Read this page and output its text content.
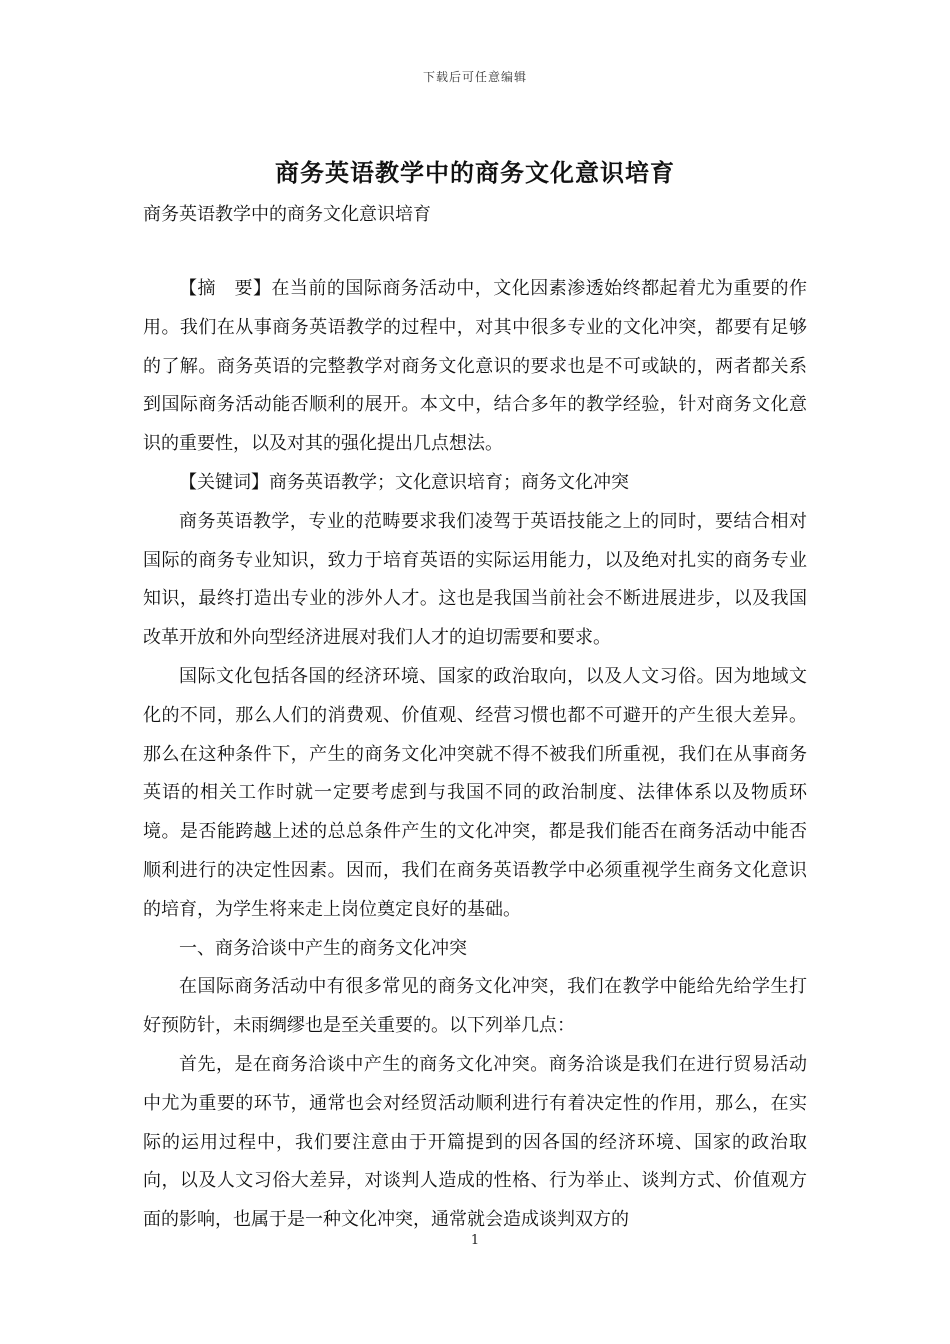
下载后可任意编辑
商务英语教学中的商务文化意识培育
商务英语教学中的商务文化意识培育

【摘　要】在当前的国际商务活动中，文化因素渗透始终都起着尤为重要的作用。我们在从事商务英语教学的过程中，对其中很多专业的文化冲突，都要有足够的了解。商务英语的完整教学对商务文化意识的要求也是不可或缺的，两者都关系到国际商务活动能否顺利的展开。本文中，结合多年的教学经验，针对商务文化意识的重要性，以及对其的强化提出几点想法。

【关键词】商务英语教学；文化意识培育；商务文化冲突

商务英语教学，专业的范畴要求我们凌驾于英语技能之上的同时，要结合相对国际的商务专业知识，致力于培育英语的实际运用能力，以及绝对扎实的商务专业知识，最终打造出专业的涉外人才。这也是我国当前社会不断进展进步，以及我国改革开放和外向型经济进展对我们人才的迫切需要和要求。

国际文化包括各国的经济环境、国家的政治取向，以及人文习俗。因为地域文化的不同，那么人们的消费观、价值观、经营习惯也都不可避开的产生很大差异。那么在这种条件下，产生的商务文化冲突就不得不被我们所重视，我们在从事商务英语的相关工作时就一定要考虑到与我国不同的政治制度、法律体系以及物质环境。是否能跨越上述的总总条件产生的文化冲突，都是我们能否在商务活动中能否顺利进行的决定性因素。因而，我们在商务英语教学中必须重视学生商务文化意识的培育，为学生将来走上岗位奠定良好的基础。

一、商务洽谈中产生的商务文化冲突

在国际商务活动中有很多常见的商务文化冲突，我们在教学中能给先给学生打好预防针，未雨绸缪也是至关重要的。以下列举几点：

首先，是在商务洽谈中产生的商务文化冲突。商务洽谈是我们在进行贸易活动中尤为重要的环节，通常也会对经贸活动顺利进行有着决定性的作用，那么，在实际的运用过程中，我们要注意由于开篇提到的因各国的经济环境、国家的政治取向，以及人文习俗大差异，对谈判人造成的性格、行为举止、谈判方式、价值观方面的影响，也属于是一种文化冲突，通常就会造成谈判双方的

1
